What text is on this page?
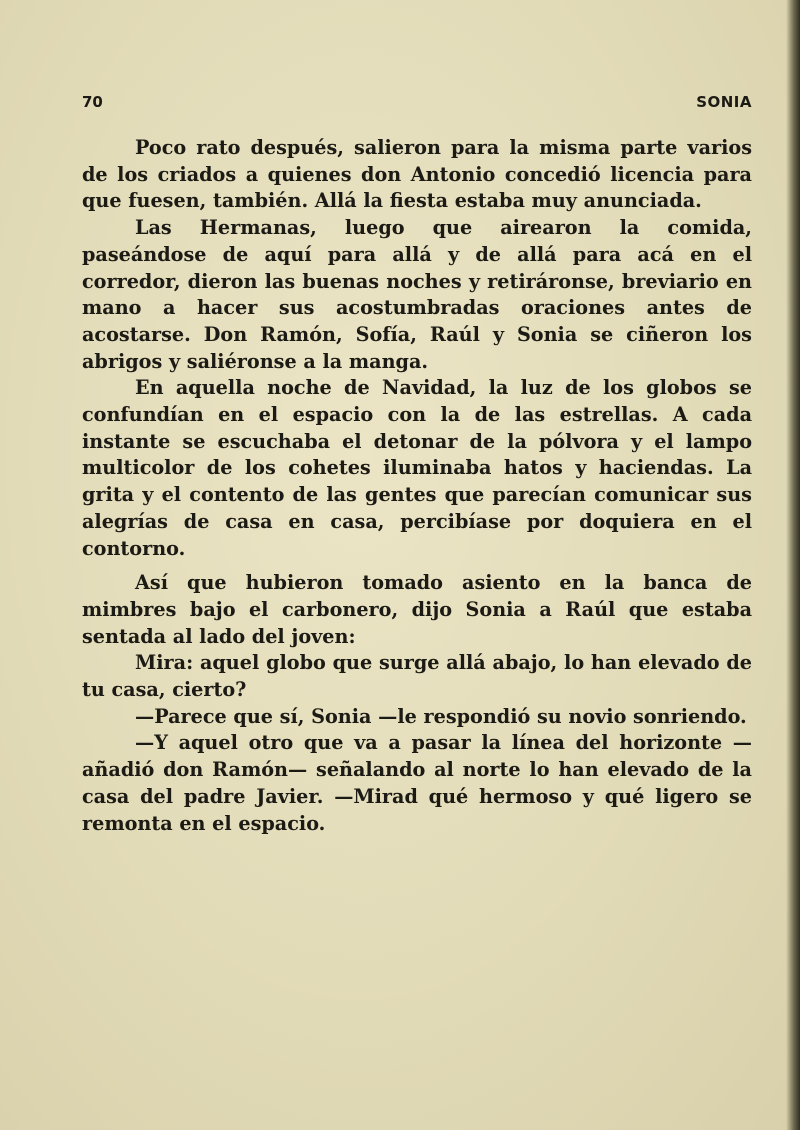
70	SONIA

Poco rato después, salieron para la misma parte varios de los criados a quienes don Antonio concedió licencia para que fuesen, también. Allá la fiesta estaba muy anunciada.

Las Hermanas, luego que airearon la comida, paseándose de aquí para allá y de allá para acá en el corredor, dieron las buenas noches y retiráronse, breviario en mano a hacer sus acostumbradas oraciones antes de acostarse. Don Ramón, Sofía, Raúl y Sonia se ciñeron los abrigos y saliéronse a la manga.

En aquella noche de Navidad, la luz de los globos se confundían en el espacio con la de las estrellas. A cada instante se escuchaba el detonar de la pólvora y el lampo multicolor de los cohetes iluminaba hatos y haciendas. La grita y el contento de las gentes que parecían comunicar sus alegrías de casa en casa, percibíase por doquiera en el contorno.

Así que hubieron tomado asiento en la banca de mimbres bajo el carbonero, dijo Sonia a Raúl que estaba sentada al lado del joven:

Mira: aquel globo que surge allá abajo, lo han elevado de tu casa, cierto?

—Parece que sí, Sonia —le respondió su novio sonriendo.

—Y aquel otro que va a pasar la línea del horizonte —añadió don Ramón— señalando al norte lo han elevado de la casa del padre Javier. —Mirad qué hermoso y qué ligero se remonta en el espacio.
